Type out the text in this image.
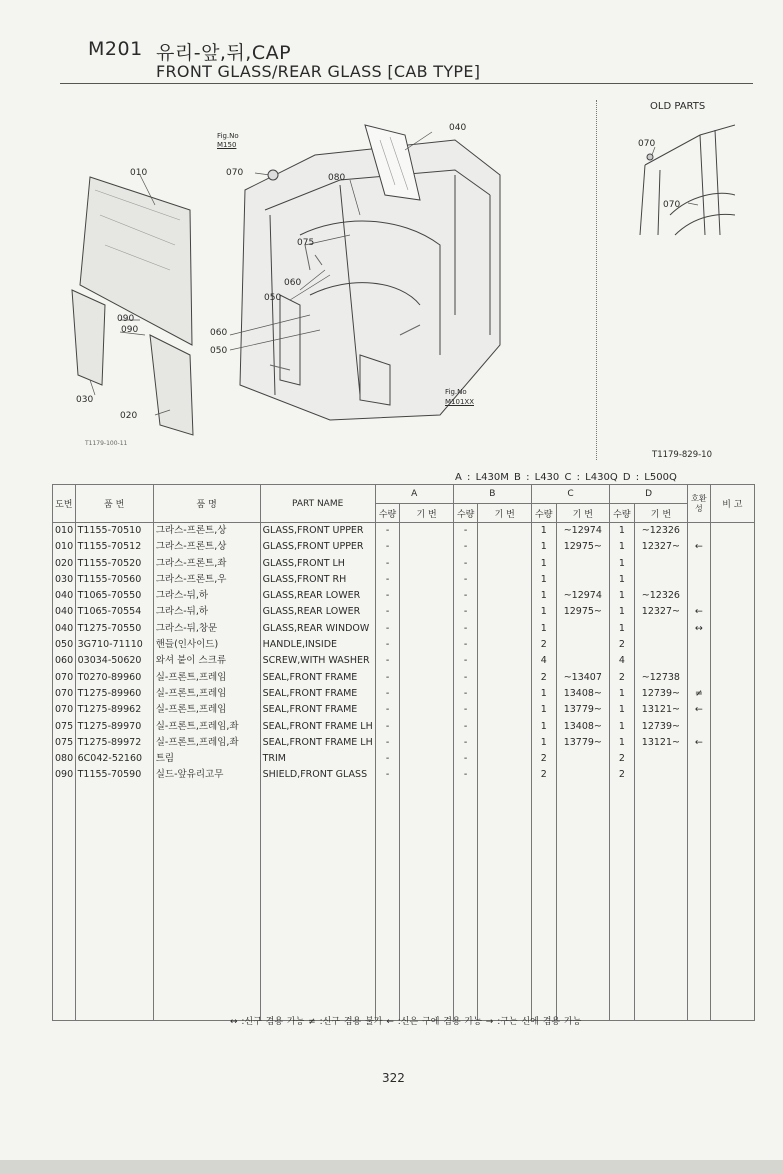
M201 유리-앞,뒤,CAP
FRONT GLASS/REAR GLASS [CAB TYPE]
010	070	080
040
075
050
060
060
050
090
090
030
020
Fig.No
M150
Fig.No
M101XX
T1179-100-11
OLD PARTS
070
070
T1179-829-10
A : L430M B : L430 C : L430Q D : L500Q
도번	품 번	품 명	PART NAME	A		B		C		D		호환성	비 고
				수량	기 번	수량	기 번	수량	기 번	수량	기 번		
010	T1155-70510	그라스-프론트,상	GLASS,FRONT UPPER	-		-		1	~12974	1	~12326		
010	T1155-70512	그라스-프론트,상	GLASS,FRONT UPPER	-		-		1	12975~	1	12327~	←	
020	T1155-70520	그라스-프론트,좌	GLASS,FRONT LH	-		-		1		1			
030	T1155-70560	그라스-프론트,우	GLASS,FRONT RH	-		-		1		1			
040	T1065-70550	그라스-뒤,하	GLASS,REAR LOWER	-		-		1	~12974	1	~12326		
040	T1065-70554	그라스-뒤,하	GLASS,REAR LOWER	-		-		1	12975~	1	12327~	←	
040	T1275-70550	그라스-뒤,창문	GLASS,REAR WINDOW	-		-		1		1		↔	
050	3G710-71110	핸들(인사이드)	HANDLE,INSIDE	-		-		2		2			
060	03034-50620	와셔 붙이 스크류	SCREW,WITH WASHER	-		-		4		4			
070	T0270-89960	실-프론트,프레임	SEAL,FRONT FRAME	-		-		2	~13407	2	~12738		
070	T1275-89960	실-프론트,프레임	SEAL,FRONT FRAME	-		-		1	13408~	1	12739~	≠	
070	T1275-89962	실-프론트,프레임	SEAL,FRONT FRAME	-		-		1	13779~	1	13121~	←	
075	T1275-89970	실-프론트,프레임,좌	SEAL,FRONT FRAME LH	-		-		1	13408~	1	12739~		
075	T1275-89972	실-프론트,프레임,좌	SEAL,FRONT FRAME LH	-		-		1	13779~	1	13121~	←	
080	6C042-52160	트림	TRIM	-		-		2		2			
090	T1155-70590	실드-앞유리고무	SHIELD,FRONT GLASS	-		-		2		2			

↔ :신구 겸용 가능 ≠ :신구 겸용 불가 ← :신은 구에 겸용 가능 → :구는 신에 겸용 가능
322
